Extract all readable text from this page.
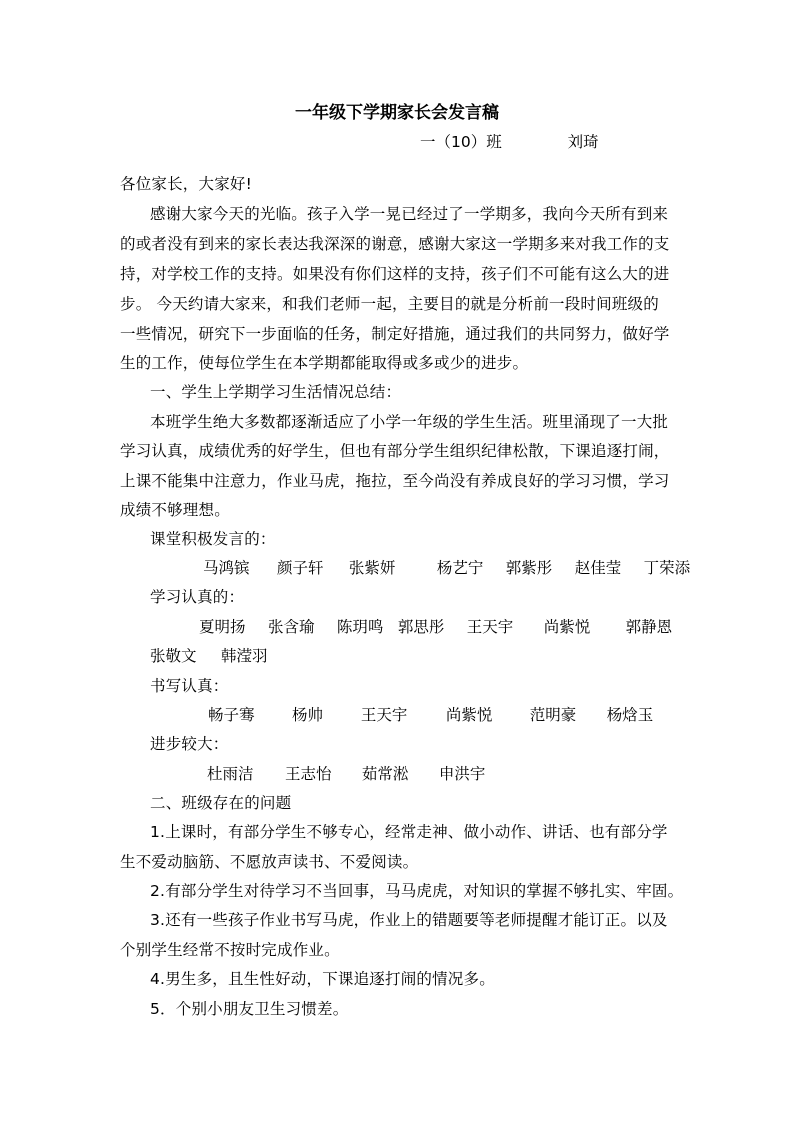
一年级下学期家长会发言稿
一（10）班	刘琦
各位家长，大家好!
感谢大家今天的光临。孩子入学一晃已经过了一学期多，我向今天所有到来
的或者没有到来的家长表达我深深的谢意，感谢大家这一学期多来对我工作的支
持，对学校工作的支持。如果没有你们这样的支持，孩子们不可能有这么大的进
步。 今天约请大家来，和我们老师一起，主要目的就是分析前一段时间班级的
一些情况，研究下一步面临的任务，制定好措施，通过我们的共同努力，做好学
生的工作，使每位学生在本学期都能取得或多或少的进步。
一、学生上学期学习生活情况总结：
本班学生绝大多数都逐渐适应了小学一年级的学生生活。班里涌现了一大批
学习认真，成绩优秀的好学生，但也有部分学生组织纪律松散，下课追逐打闹，
上课不能集中注意力，作业马虎，拖拉，至今尚没有养成良好的学习习惯，学习
成绩不够理想。
课堂积极发言的：
马鸿镔 颜子轩 张紫妍	杨艺宁 郭紫彤 赵佳莹 丁荣添
学习认真的：
夏明扬 张含瑜 陈玥鸣 郭思彤 王天宇 尚紫悦 郭静恩
张敬文 韩滢羽
书写认真：
畅子骞 杨帅 王天宇 尚紫悦 范明豪 杨焓玉
进步较大：
杜雨洁 王志怡 茹常淞 申洪宇
二、班级存在的问题
1.上课时，有部分学生不够专心，经常走神、做小动作、讲话、也有部分学
生不爱动脑筋、不愿放声读书、不爱阅读。
2.有部分学生对待学习不当回事，马马虎虎，对知识的掌握不够扎实、牢固。
3.还有一些孩子作业书写马虎，作业上的错题要等老师提醒才能订正。以及
个别学生经常不按时完成作业。
4.男生多，且生性好动，下课追逐打闹的情况多。
5．个别小朋友卫生习惯差。
